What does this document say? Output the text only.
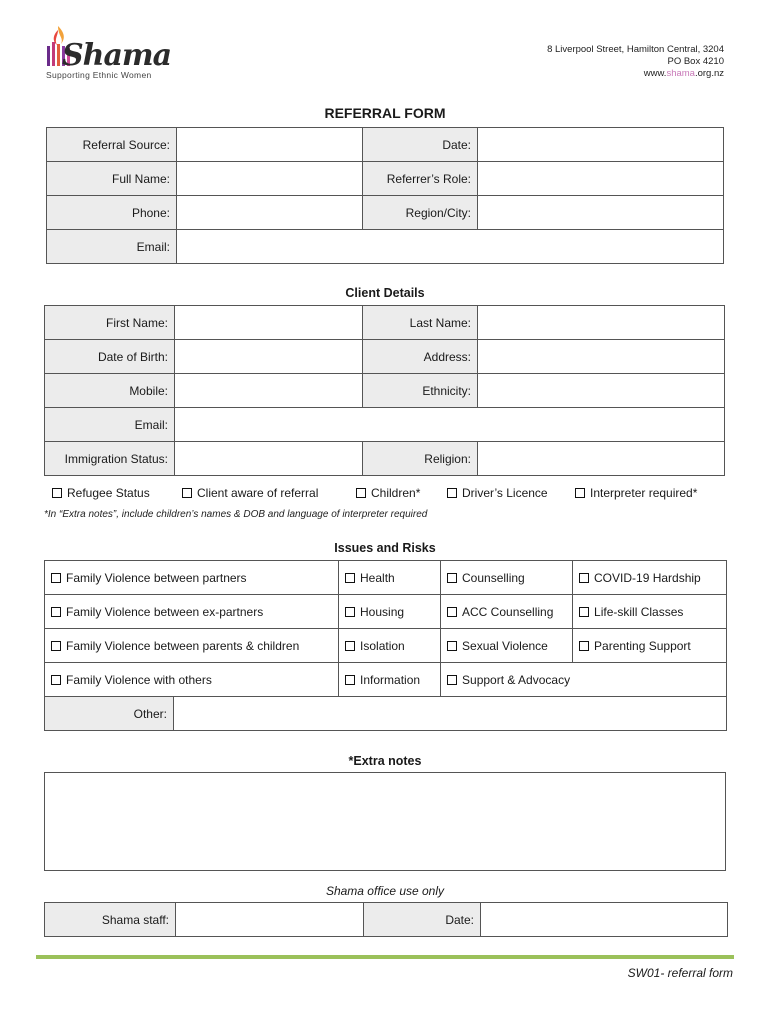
Shama
Supporting Ethnic Women
8 Liverpool Street, Hamilton Central, 3204
PO Box 4210
www.shama.org.nz
REFERRAL FORM
Referral Source:		Date:	
Full Name:		Referrer’s Role:	
Phone:		Region/City:	
Email:			
Client Details
First Name:		Last Name:	
Date of Birth:		Address:	
Mobile:		Ethnicity:	
Email:			
Immigration Status:		Religion:	
Refugee Status	Client aware of referral	Children*	Driver’s Licence	Interpreter required*
*In “Extra notes”, include children’s names & DOB and language of interpreter required
Issues and Risks
Family Violence between partners		Health	Counselling	COVID-19 Hardship
Family Violence between ex-partners		Housing	ACC Counselling	Life-skill Classes
Family Violence between parents & children		Isolation	Sexual Violence	Parenting Support
Family Violence with others		Information	Support & Advocacy	
Other:				
*Extra notes
Shama office use only
Shama staff:		Date:	
SW01- referral form
